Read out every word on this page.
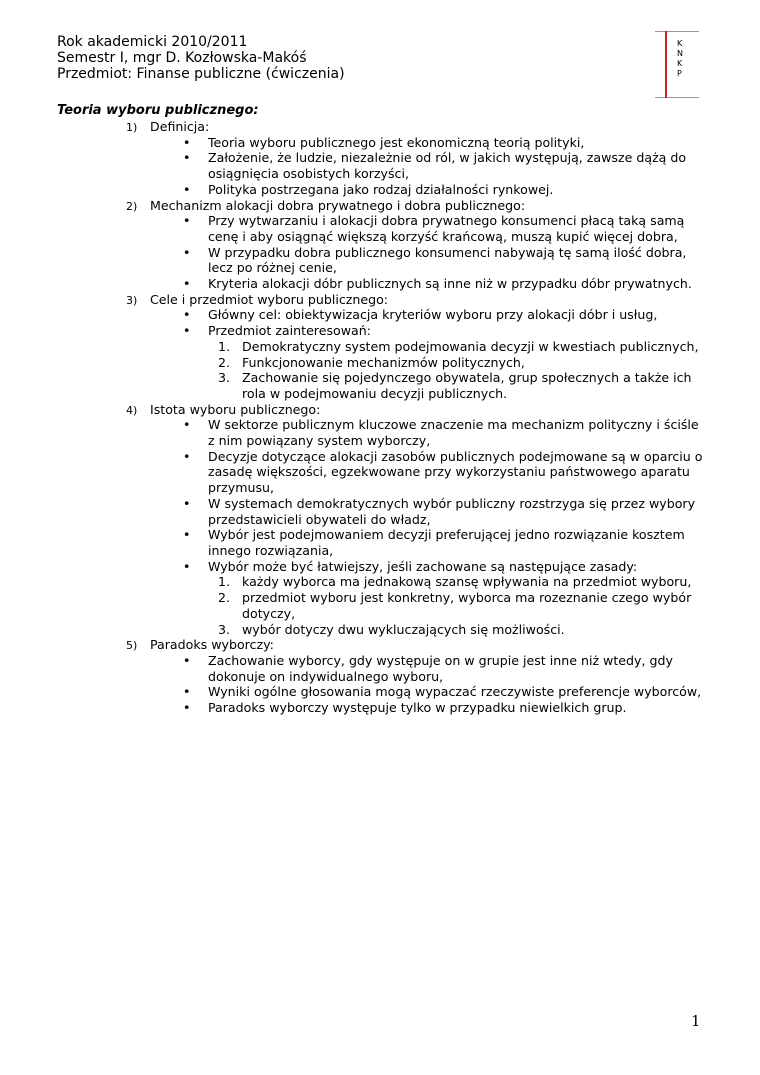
Rok akademicki 2010/2011
Semestr I, mgr D. Kozłowska-Makóś
Przedmiot: Finanse publiczne (ćwiczenia)
K
N
K
P
Teoria wyboru publicznego:
1) Definicja:
• Teoria wyboru publicznego jest ekonomiczną teorią polityki,
• Założenie, że ludzie, niezależnie od ról, w jakich występują, zawsze dążą do osiągnięcia osobistych korzyści,
• Polityka postrzegana jako rodzaj działalności rynkowej.
2) Mechanizm alokacji dobra prywatnego i dobra publicznego:
• Przy wytwarzaniu i alokacji dobra prywatnego konsumenci płacą taką samą cenę i aby osiągnąć większą korzyść krańcową, muszą kupić więcej dobra,
• W przypadku dobra publicznego konsumenci nabywają tę samą ilość dobra, lecz po różnej cenie,
• Kryteria alokacji dóbr publicznych są inne niż w przypadku dóbr prywatnych.
3) Cele i przedmiot wyboru publicznego:
• Główny cel: obiektywizacja kryteriów wyboru przy alokacji dóbr i usług,
• Przedmiot zainteresowań:
1. Demokratyczny system podejmowania decyzji w kwestiach publicznych,
2. Funkcjonowanie mechanizmów politycznych,
3. Zachowanie się pojedynczego obywatela, grup społecznych a także ich rola w podejmowaniu decyzji publicznych.
4) Istota wyboru publicznego:
• W sektorze publicznym kluczowe znaczenie ma mechanizm polityczny i ściśle z nim powiązany system wyborczy,
• Decyzje dotyczące alokacji zasobów publicznych podejmowane są w oparciu o zasadę większości, egzekwowane przy wykorzystaniu państwowego aparatu przymusu,
• W systemach demokratycznych wybór publiczny rozstrzyga się przez wybory przedstawicieli obywateli do władz,
• Wybór jest podejmowaniem decyzji preferującej jedno rozwiązanie kosztem innego rozwiązania,
• Wybór może być łatwiejszy, jeśli zachowane są następujące zasady:
1. każdy wyborca ma jednakową szansę wpływania na przedmiot wyboru,
2. przedmiot wyboru jest konkretny, wyborca ma rozeznanie czego wybór dotyczy,
3. wybór dotyczy dwu wykluczających się możliwości.
5) Paradoks wyborczy:
• Zachowanie wyborcy, gdy występuje on w grupie jest inne niż wtedy, gdy dokonuje on indywidualnego wyboru,
• Wyniki ogólne głosowania mogą wypaczać rzeczywiste preferencje wyborców,
• Paradoks wyborczy występuje tylko w przypadku niewielkich grup.
1
